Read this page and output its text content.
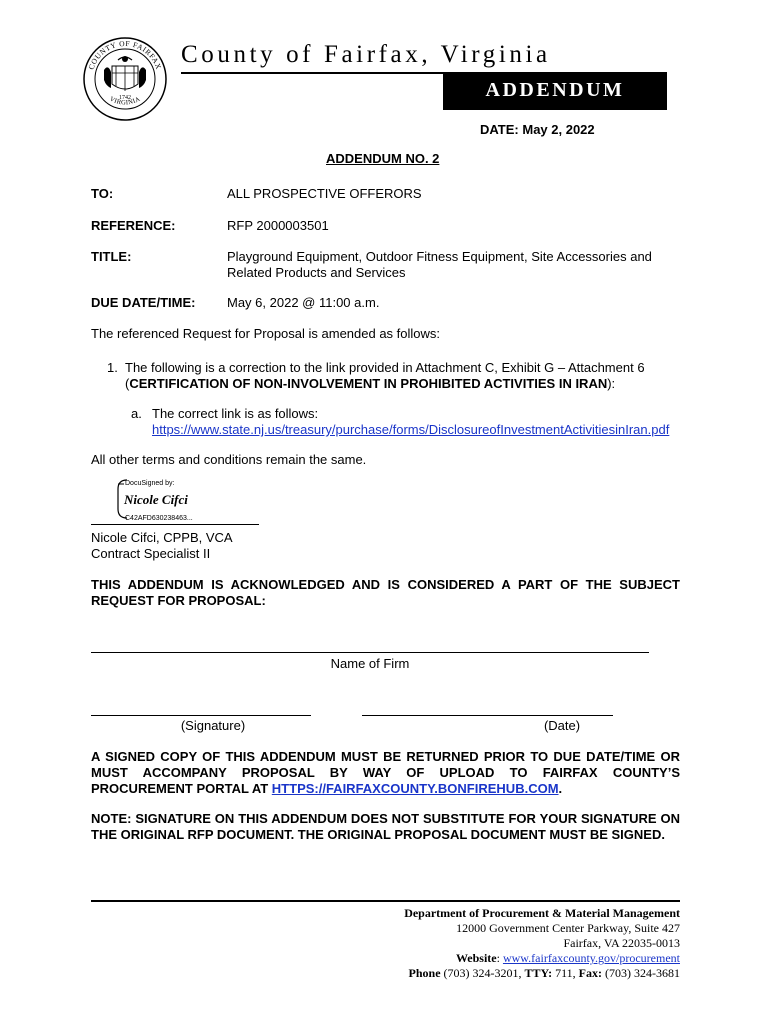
COUNTY OF FAIRFAX
VIRGINIA
1742
County of Fairfax, Virginia
ADDENDUM
DATE: May 2, 2022
ADDENDUM NO. 2
TO:	ALL PROSPECTIVE OFFERORS
REFERENCE:	RFP 2000003501
TITLE:	Playground Equipment, Outdoor Fitness Equipment, Site Accessories and Related Products and Services
DUE DATE/TIME: May 6, 2022 @ 11:00 a.m.
The referenced Request for Proposal is amended as follows:
1. The following is a correction to the link provided in Attachment C, Exhibit G – Attachment 6
(CERTIFICATION OF NON-INVOLVEMENT IN PROHIBITED ACTIVITIES IN IRAN):
a. The correct link is as follows:
https://www.state.nj.us/treasury/purchase/forms/DisclosureofInvestmentActivitiesinIran.pdf
All other terms and conditions remain the same.
DocuSigned by:
Nicole Cifci
C42AFD630238463...
Nicole Cifci, CPPB, VCA
Contract Specialist II
THIS ADDENDUM IS ACKNOWLEDGED AND IS CONSIDERED A PART OF THE SUBJECT REQUEST FOR PROPOSAL:
Name of Firm
(Signature)	(Date)
A SIGNED COPY OF THIS ADDENDUM MUST BE RETURNED PRIOR TO DUE DATE/TIME OR MUST ACCOMPANY PROPOSAL BY WAY OF UPLOAD TO FAIRFAX COUNTY’S PROCUREMENT PORTAL AT HTTPS://FAIRFAXCOUNTY.BONFIREHUB.COM.
NOTE: SIGNATURE ON THIS ADDENDUM DOES NOT SUBSTITUTE FOR YOUR SIGNATURE ON THE ORIGINAL RFP DOCUMENT. THE ORIGINAL PROPOSAL DOCUMENT MUST BE SIGNED.
Department of Procurement & Material Management
12000 Government Center Parkway, Suite 427
Fairfax, VA 22035-0013
Website: www.fairfaxcounty.gov/procurement
Phone (703) 324-3201, TTY: 711, Fax: (703) 324-3681
